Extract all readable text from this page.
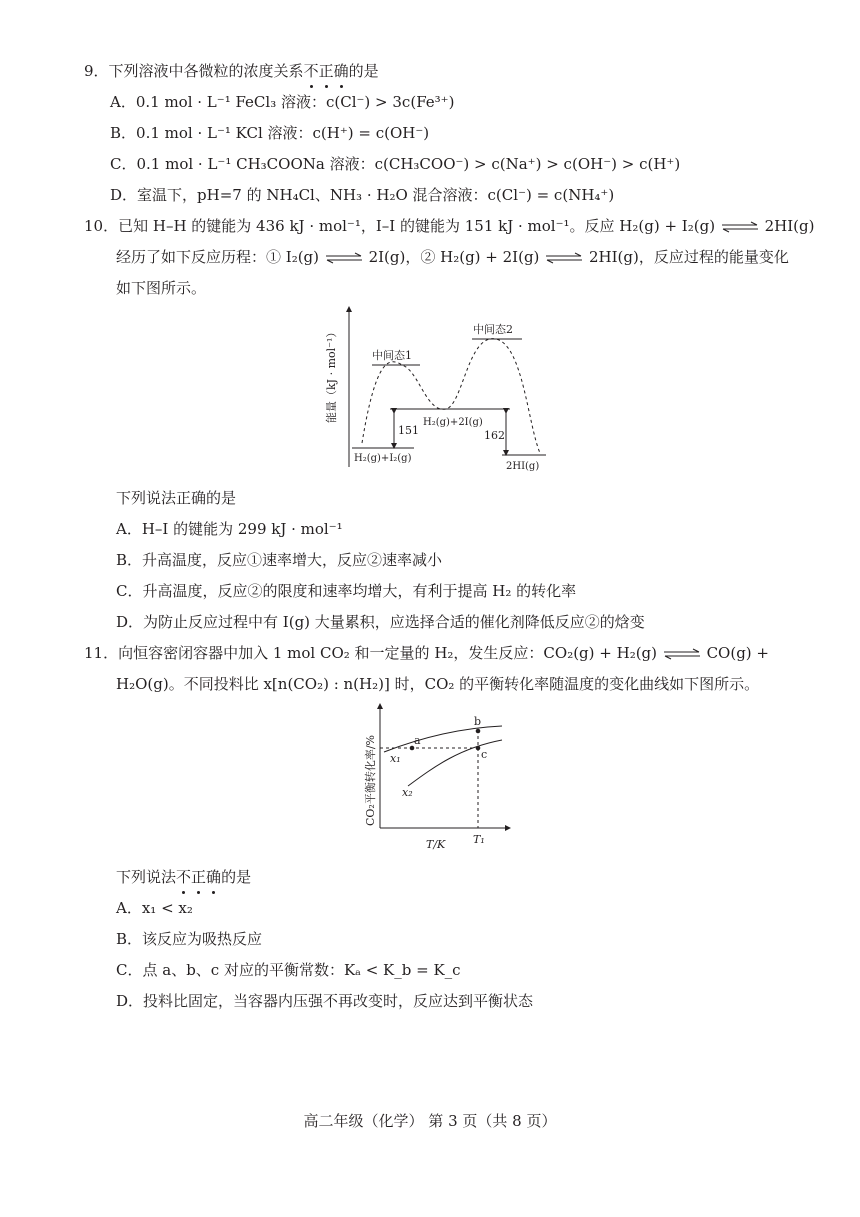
9．下列溶液中各微粒的浓度关系不正确的是
A．0.1 mol · L⁻¹ FeCl₃ 溶液：c(Cl⁻) > 3c(Fe³⁺)
B．0.1 mol · L⁻¹ KCl 溶液：c(H⁺) = c(OH⁻)
C．0.1 mol · L⁻¹ CH₃COONa 溶液：c(CH₃COO⁻) > c(Na⁺) > c(OH⁻) > c(H⁺)
D．室温下，pH=7 的 NH₄Cl、NH₃ · H₂O 混合溶液：c(Cl⁻) = c(NH₄⁺)
10．已知 H–H 的键能为 436 kJ · mol⁻¹，I–I 的键能为 151 kJ · mol⁻¹。反应 H₂(g) + I₂(g) ⇌ 2HI(g)
经历了如下反应历程：① I₂(g) ⇌ 2I(g)，② H₂(g) + 2I(g) ⇌ 2HI(g)，反应过程的能量变化
如下图所示。
能量（kJ · mol⁻¹）	中间态1
中间态2
H₂(g)+2I(g)
H₂(g)+I₂(g)
2HI(g)
151	162
下列说法正确的是
A．H–I 的键能为 299 kJ · mol⁻¹
B．升高温度，反应①速率增大，反应②速率减小
C．升高温度，反应②的限度和速率均增大，有利于提高 H₂ 的转化率
D．为防止反应过程中有 I(g) 大量累积，应选择合适的催化剂降低反应②的焓变
11．向恒容密闭容器中加入 1 mol CO₂ 和一定量的 H₂，发生反应：CO₂(g) + H₂(g) ⇌ CO(g) +
H₂O(g)。不同投料比 x[n(CO₂) : n(H₂)] 时，CO₂ 的平衡转化率随温度的变化曲线如下图所示。
CO₂平衡转化率/%	a
b
c
x₁
x₂
T/K	T₁
下列说法不正确的是
A．x₁ < x₂
B．该反应为吸热反应
C．点 a、b、c 对应的平衡常数：Kₐ < K_b = K_c
D．投料比固定，当容器内压强不再改变时，反应达到平衡状态
高二年级（化学） 第 3 页（共 8 页）
